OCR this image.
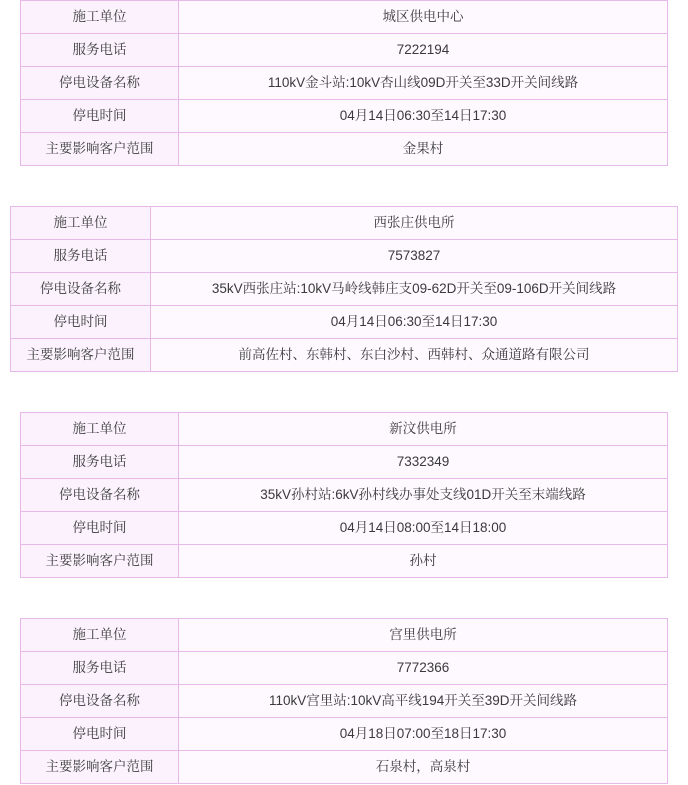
施工单位	城区供电中心
服务电话	7222194
停电设备名称	110kV金斗站:10kV杏山线09D开关至33D开关间线路
停电时间	04月14日06:30至14日17:30
主要影响客户范围	金果村
施工单位	西张庄供电所
服务电话	7573827
停电设备名称	35kV西张庄站:10kV马岭线韩庄支09-62D开关至09-106D开关间线路
停电时间	04月14日06:30至14日17:30
主要影响客户范围	前高佐村、东韩村、东白沙村、西韩村、众通道路有限公司
施工单位	新汶供电所
服务电话	7332349
停电设备名称	35kV孙村站:6kV孙村线办事处支线01D开关至末端线路
停电时间	04月14日08:00至14日18:00
主要影响客户范围	孙村
施工单位	宫里供电所
服务电话	7772366
停电设备名称	110kV宫里站:10kV高平线194开关至39D开关间线路
停电时间	04月18日07:00至18日17:30
主要影响客户范围	石泉村，高泉村
